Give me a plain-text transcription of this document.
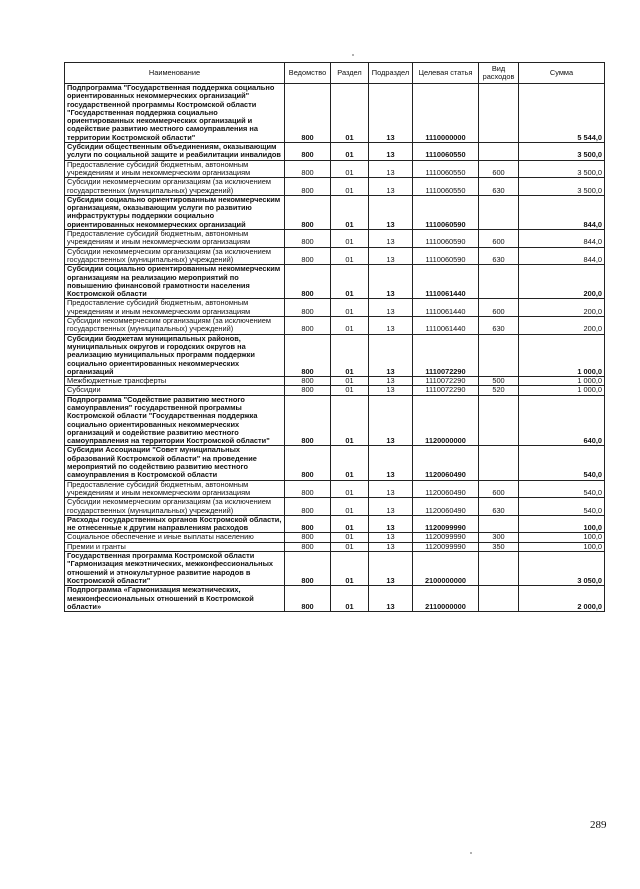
Наименование	Ведомство	Раздел	Подраздел	Целевая статья	Вид расходов	Сумма
Подпрограмма "Государственная поддержка социально ориентированных некоммерческих организаций" государственной программы Костромской области "Государственная поддержка социально ориентированных некоммерческих организаций и содействие развитию местного самоуправления на территории Костромской области"	800	01	13	1110000000		5 544,0
Субсидии общественным объединениям, оказывающим услуги по социальной защите и реабилитации инвалидов	800	01	13	1110060550		3 500,0
Предоставление субсидий бюджетным, автономным учреждениям и иным некоммерческим организациям	800	01	13	1110060550	600	3 500,0
Субсидии некоммерческим организациям (за исключением государственных (муниципальных) учреждений)	800	01	13	1110060550	630	3 500,0
Субсидии социально ориентированным некоммерческим организациям, оказывающим услуги по развитию инфраструктуры поддержки социально ориентированных некоммерческих организаций	800	01	13	1110060590		844,0
Предоставление субсидий бюджетным, автономным учреждениям и иным некоммерческим организациям	800	01	13	1110060590	600	844,0
Субсидии некоммерческим организациям (за исключением государственных (муниципальных) учреждений)	800	01	13	1110060590	630	844,0
Субсидии социально ориентированным некоммерческим организациям на реализацию мероприятий по повышению финансовой грамотности населения Костромской области	800	01	13	1110061440		200,0
Предоставление субсидий бюджетным, автономным учреждениям и иным некоммерческим организациям	800	01	13	1110061440	600	200,0
Субсидии некоммерческим организациям (за исключением государственных (муниципальных) учреждений)	800	01	13	1110061440	630	200,0
Субсидии бюджетам муниципальных районов, муниципальных округов и городских округов на реализацию муниципальных программ поддержки социально ориентированных некоммерческих организаций	800	01	13	1110072290		1 000,0
Межбюджетные трансферты	800	01	13	1110072290	500	1 000,0
Субсидии	800	01	13	1110072290	520	1 000,0
Подпрограмма "Содействие развитию местного самоуправления" государственной программы Костромской области "Государственная поддержка социально ориентированных некоммерческих организаций и содействие развитию местного самоуправления на территории Костромской области"	800	01	13	1120000000		640,0
Субсидии Ассоциации "Совет муниципальных образований Костромской области" на проведение мероприятий по содействию развитию местного самоуправления в Костромской области	800	01	13	1120060490		540,0
Предоставление субсидий бюджетным, автономным учреждениям и иным некоммерческим организациям	800	01	13	1120060490	600	540,0
Субсидии некоммерческим организациям (за исключением государственных (муниципальных) учреждений)	800	01	13	1120060490	630	540,0
Расходы государственных органов Костромской области, не отнесенные к другим направлениям расходов	800	01	13	1120099990		100,0
Социальное обеспечение и иные выплаты населению	800	01	13	1120099990	300	100,0
Премии и гранты	800	01	13	1120099990	350	100,0
Государственная программа Костромской области "Гармонизация межэтнических, межконфессиональных отношений и этнокультурное развитие народов в Костромской области"	800	01	13	2100000000		3 050,0
Подпрограмма «Гармонизация межэтнических, межконфессиональных отношений в Костромской области»	800	01	13	2110000000		2 000,0
289
